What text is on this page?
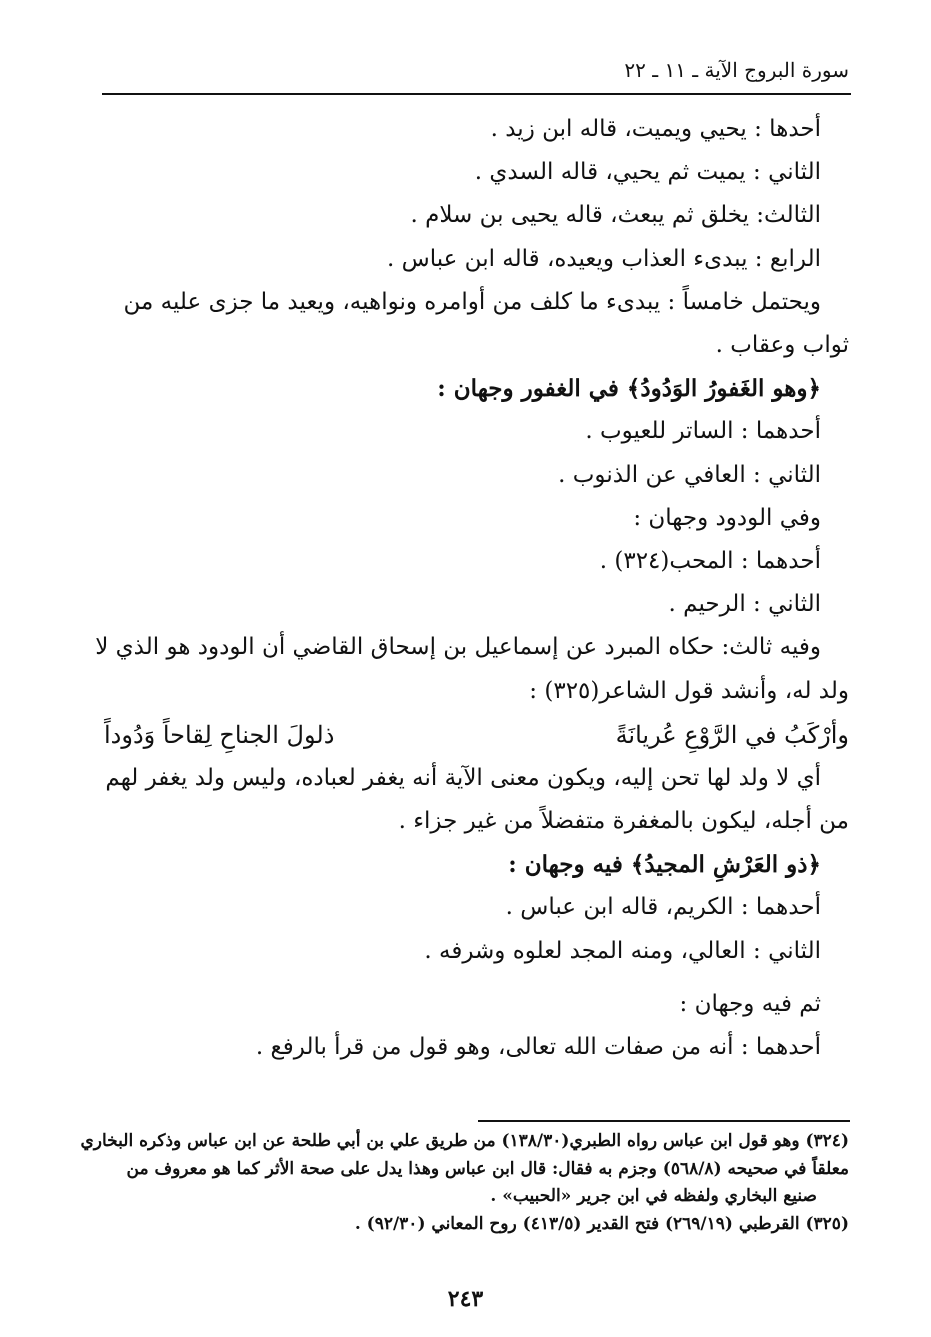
سورة البروج الآية ـ ١١ ـ ٢٢
أحدها : يحيي ويميت، قاله ابن زيد .
الثاني : يميت ثم يحيي، قاله السدي .
الثالث: يخلق ثم يبعث، قاله يحيى بن سلام .
الرابع : يبدىء العذاب ويعيده، قاله ابن عباس .
ويحتمل خامساً : يبدىء ما كلف من أوامره ونواهيه، ويعيد ما جزى عليه من
ثواب وعقاب .
﴿وهو الغَفورُ الوَدُودُ﴾ في الغفور وجهان :
أحدهما : الساتر للعيوب .
الثاني : العافي عن الذنوب .
وفي الودود وجهان :
أحدهما : المحب(٣٢٤) .
الثاني : الرحيم .
وفيه ثالث: حكاه المبرد عن إسماعيل بن إسحاق القاضي أن الودود هو الذي لا
ولد له، وأنشد قول الشاعر(٣٢٥) :
وأرْكَبُ في الرَّوْعِ عُريانَةً
ذلولَ الجناحِ لِقاحاً وَدُوداً
أي لا ولد لها تحن إليه، ويكون معنى الآية أنه يغفر لعباده، وليس ولد يغفر لهم
من أجله، ليكون بالمغفرة متفضلاً من غير جزاء .
﴿ذو العَرْشِ المجيدُ﴾ فيه وجهان :
أحدهما : الكريم، قاله ابن عباس .
الثاني : العالي، ومنه المجد لعلوه وشرفه .
ثم فيه وجهان :
أحدهما : أنه من صفات الله تعالى، وهو قول من قرأ بالرفع .
(٣٢٤) وهو قول ابن عباس رواه الطبري(١٣٨/٣٠) من طريق علي بن أبي طلحة عن ابن عباس وذكره البخاري
معلقاً في صحيحه (٥٦٨/٨) وجزم به فقال: قال ابن عباس وهذا يدل على صحة الأثر كما هو معروف من
صنيع البخاري ولفظه في ابن جرير «الحبيب» .
(٣٢٥) القرطبي (٢٦٩/١٩) فتح القدير (٤١٣/٥) روح المعاني (٩٢/٣٠) .
٢٤٣
